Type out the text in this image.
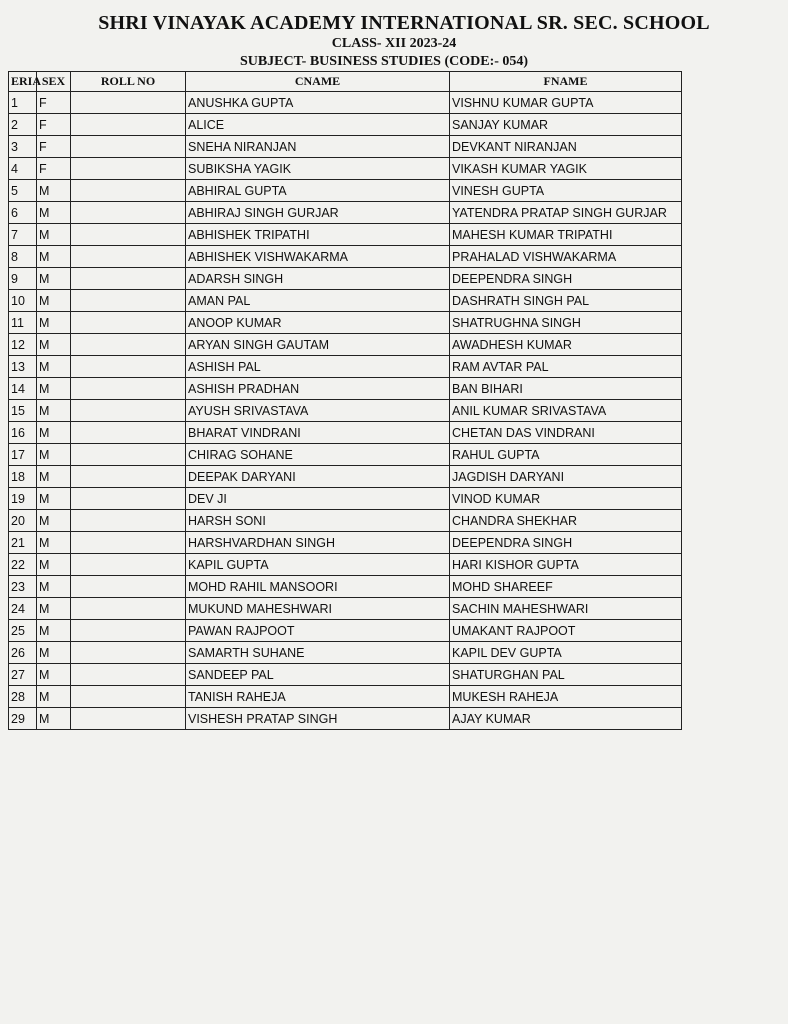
SHRI VINAYAK ACADEMY INTERNATIONAL SR. SEC. SCHOOL
CLASS- XII 2023-24
SUBJECT- BUSINESS STUDIES (CODE:- 054)
ERIA	SEX	ROLL NO	CNAME	FNAME
1	F		ANUSHKA GUPTA	VISHNU KUMAR GUPTA
2	F		ALICE	SANJAY KUMAR
3	F		SNEHA NIRANJAN	DEVKANT NIRANJAN
4	F		SUBIKSHA YAGIK	VIKASH KUMAR YAGIK
5	M		ABHIRAL GUPTA	VINESH GUPTA
6	M		ABHIRAJ SINGH GURJAR	YATENDRA PRATAP SINGH GURJAR
7	M		ABHISHEK TRIPATHI	MAHESH KUMAR TRIPATHI
8	M		ABHISHEK VISHWAKARMA	PRAHALAD VISHWAKARMA
9	M		ADARSH SINGH	DEEPENDRA SINGH
10	M		AMAN PAL	DASHRATH SINGH PAL
11	M		ANOOP KUMAR	SHATRUGHNA SINGH
12	M		ARYAN SINGH GAUTAM	AWADHESH KUMAR
13	M		ASHISH PAL	RAM AVTAR PAL
14	M		ASHISH PRADHAN	BAN BIHARI
15	M		AYUSH SRIVASTAVA	ANIL KUMAR SRIVASTAVA
16	M		BHARAT VINDRANI	CHETAN DAS VINDRANI
17	M		CHIRAG SOHANE	RAHUL GUPTA
18	M		DEEPAK DARYANI	JAGDISH DARYANI
19	M		DEV JI	VINOD KUMAR
20	M		HARSH SONI	CHANDRA SHEKHAR
21	M		HARSHVARDHAN SINGH	DEEPENDRA SINGH
22	M		KAPIL GUPTA	HARI KISHOR GUPTA
23	M		MOHD RAHIL MANSOORI	MOHD SHAREEF
24	M		MUKUND MAHESHWARI	SACHIN MAHESHWARI
25	M		PAWAN RAJPOOT	UMAKANT RAJPOOT
26	M		SAMARTH SUHANE	KAPIL DEV GUPTA
27	M		SANDEEP PAL	SHATURGHAN PAL
28	M		TANISH RAHEJA	MUKESH RAHEJA
29	M		VISHESH PRATAP SINGH	AJAY KUMAR
